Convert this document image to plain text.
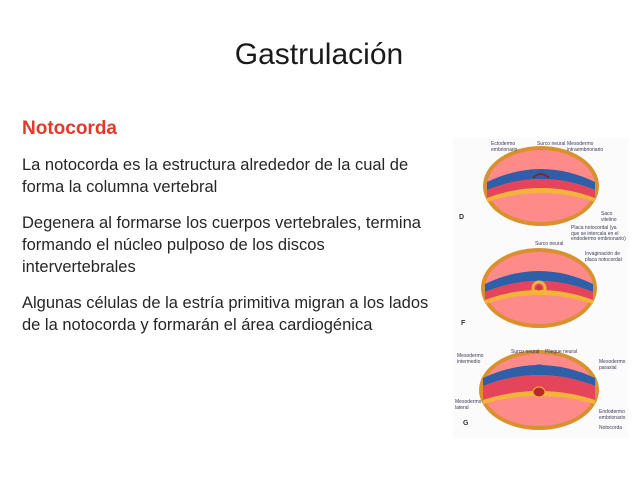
Gastrulación
Notocorda

La notocorda es la estructura alrededor de la cual de forma la columna vertebral

Degenera al formarse los cuerpos vertebrales, termina formando el núcleo pulposo de los discos intervertebrales

Algunas células de la estría primitiva migran a los lados de la notocorda y formarán el área cardiogénica

D
Ectodermo
embrionario
Surco neural Mesodermo
intraembrionario
Saco vitelino
Placa notocordal (ya
que se intercala en el
endodermo embrionario)
F
Surco neural
Invaginación de
placa notocordal
G
Mesodermo
intermedio
Surco neural Pliegue neural
Mesodermo
paraxial
Mesodermo
lateral
Endodermo
embrionario
Notocorda
